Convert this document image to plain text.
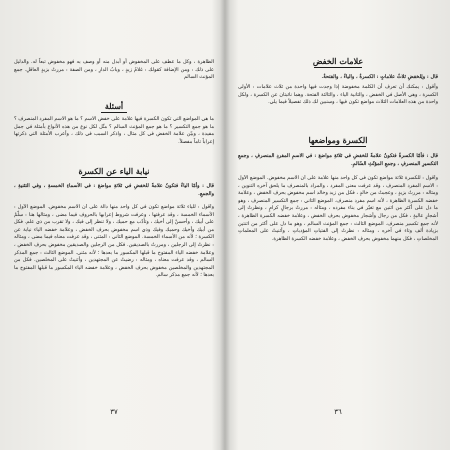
الظاهرة ، وكل ما عطف على المخفوض أو أبدل منه أو وصف به فهو مخفوض تبعاً له. والدليل على ذلك : ومن الإضافة كقولك : غلامُ زيدٍ ، وبابُ الدارِ ، ومن الصفة : مررتُ بزيدٍ العاقلِ. جمع المؤنث السالم

أسئلة

ما هي المواضع التي تكون الكسرة فيها علامة على خفض الاسم ؟ ما هو الاسم المفرد المنصرف ؟ ما هو جمع التكسير ؟ ما هو جمع المؤنث السالم ؟ مثّل لكل نوع من هذه الأنواع بأمثلة في جمل مفيدة ، وبيّن علامة الخفض في كل مثال ، واذكر السبب في ذلك ، وأعرب الأمثلة التي ذكرتها إعراباً تاماً مفصلاً.

نيابة الياء عن الكسرة

قال : وأمّا الياءُ فتكونُ علامةً للخفضِ في ثلاثةِ مواضعَ : في الأسماءِ الخمسةِ ، وفي التثنيةِ ، والجمعِ.

وأقول : للياء ثلاثة مواضع تكون في كل واحد منها دالة على أن الاسم مخفوض. الموضع الأول : الأسماء الخمسة ، وقد عرفتها ، وعرفت شروط إعرابها بالحروف فيما مضى ، ومثالها هنا : سلّمْ على أبيك ، وأحسنْ إلى أخيك ، وتأدّب مع حميك ، ولا تنظر إلى فيك ، ولا تقرب من ذي علم. فكل من أبيك وأخيك وحميك وفيك وذي اسم مخفوض بحرف الخفض ، وعلامة خفضه الياء نيابة عن الكسرة ؛ لأنه من الأسماء الخمسة. الموضع الثاني : المثنى ، وقد عرفت معناه فيما مضى ، ومثاله : نظرتُ إلى الرجلين ، ومررتُ بالصديقين. فكل من الرجلين والصديقين مخفوض بحرف الخفض ، وعلامة خفضه الياء المفتوح ما قبلها المكسور ما بعدها ؛ لأنه مثنى. الموضع الثالث : جمع المذكر السالم ، وقد عرفت معناه ، ومثاله : رضيتُ عن المجتهدين ، وأثنيتُ على المخلصين. فكل من المجتهدين والمخلصين مخفوض بحرف الخفض ، وعلامة خفضه الياء المكسور ما قبلها المفتوح ما بعدها ؛ لأنه جمع مذكر سالم.

٣٧
علامات الخفض

قال : ولِلخفضِ ثلاثُ علاماتٍ : الكسرةُ ، والياءُ ، والفتحةُ.

وأقول : يمكنك أن تعرف أن الكلمة مخفوضة إذا وجدت فيها واحدة من ثلاث علامات : الأولى الكسرة ، وهي الأصل في الخفض ، والثانية الياء ، والثالثة الفتحة. وهما نائبتان عن الكسرة ، ولكل واحدة من هذه العلامات الثلاث مواضع تكون فيها ، وسنبين لك ذلك تفصيلاً فيما يلي.

الكسرة ومواضعها

قال : فأمّا الكسرةُ فتكونُ علامةً للخفضِ في ثلاثةِ مواضعَ : في الاسمِ المفردِ المنصرفِ ، وجمعِ التكسيرِ المنصرفِ ، وجمعِ المؤنّثِ السّالمِ.

وأقول : للكسرة ثلاثة مواضع تكون في كل واحد منها علامة على أن الاسم مخفوض. الموضع الأول : الاسم المفرد المنصرف ، وقد عرفت معنى المفرد ، والمراد بالمنصرف ما يلحق آخره التنوين ، ومثاله : مررتُ بزيدٍ ، وعجبتُ من خالدٍ ، فكل من زيد وخالد اسم مخفوض بحرف الخفض ، وعلامة خفضه الكسرة الظاهرة ، لأنه اسم مفرد منصرف. الموضع الثاني : جمع التكسير المنصرف ، وهو ما دل على أكثر من اثنين مع تغيّر في بناء مفرده ، ومثاله : مررتُ برجالٍ كرامٍ ، ونظرتُ إلى أشجارٍ عاليةٍ ، فكل من رجال وأشجار مخفوض بحرف الخفض ، وعلامة خفضه الكسرة الظاهرة ، لأنه جمع تكسير منصرف. الموضع الثالث : جمع المؤنث السالم ، وهو ما دل على أكثر من اثنتين بزيادة ألف وتاء في آخره ، ومثاله : نظرتُ إلى الفتياتِ المؤدباتِ ، وأثنيتُ على المعلماتِ المخلصاتِ ، فكل منهما مخفوض بحرف الخفض ، وعلامة خفضه الكسرة الظاهرة.

٣٦
